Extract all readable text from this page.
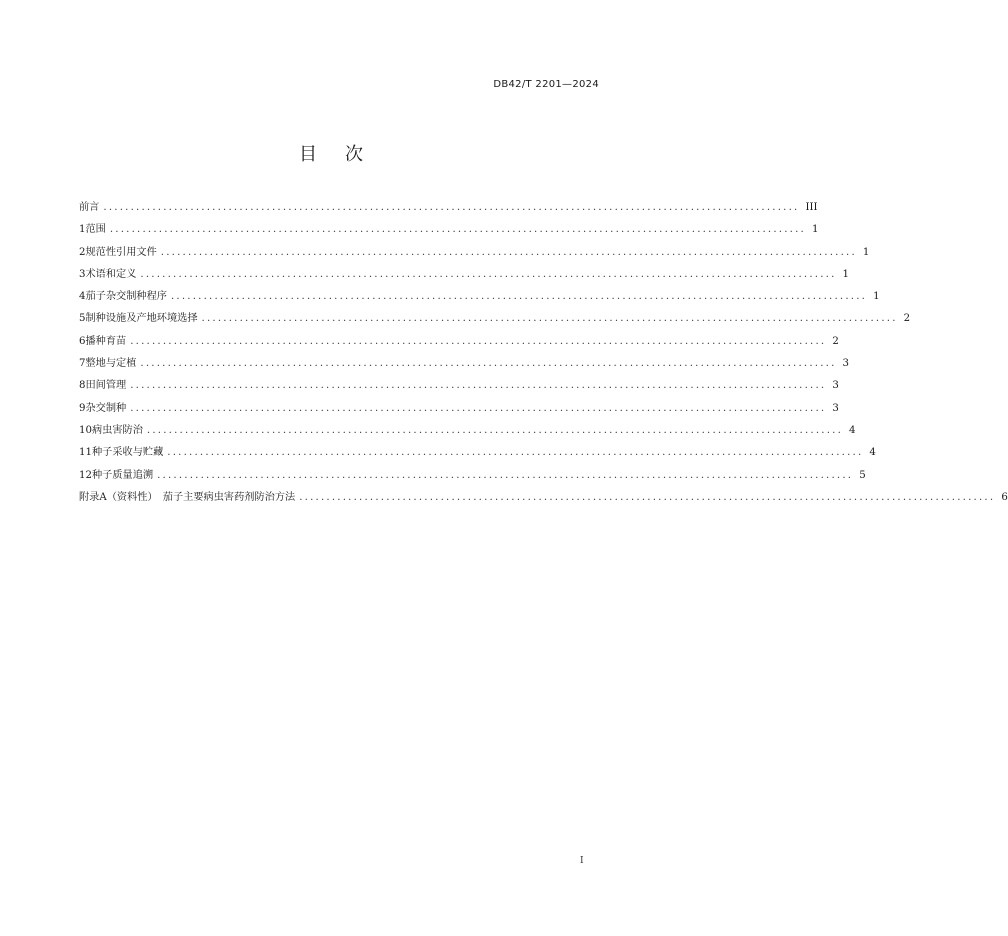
DB42/T 2201—2024
目 次
前言 ................................................................................................................................ III
1 范围 ................................................................................................................................ 1
2 规范性引用文件 ................................................................................................................................ 1
3 术语和定义 ................................................................................................................................ 1
4 茄子杂交制种程序 ................................................................................................................................ 1
5 制种设施及产地环境选择 ................................................................................................................................ 2
6 播种育苗 ................................................................................................................................ 2
7 整地与定植 ................................................................................................................................ 3
8 田间管理 ................................................................................................................................ 3
9 杂交制种 ................................................................................................................................ 3
10 病虫害防治 ................................................................................................................................ 4
11 种子采收与贮藏 ................................................................................................................................ 4
12 种子质量追溯 ................................................................................................................................ 5
附录A（资料性）　茄子主要病虫害药剂防治方法 ................................................................................................................................ 6
I
